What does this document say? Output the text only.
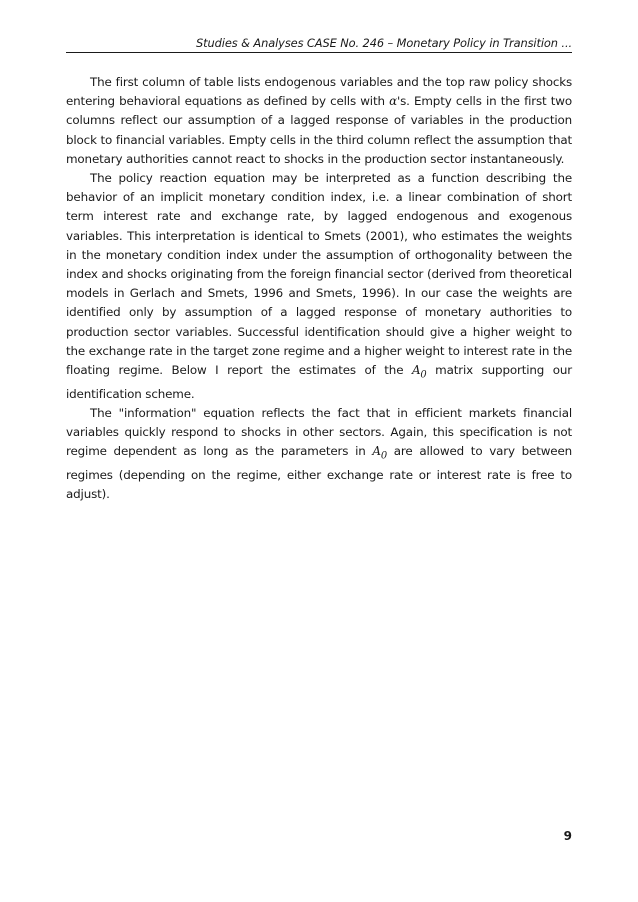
Studies & Analyses CASE No. 246 – Monetary Policy in Transition ...

The first column of table lists endogenous variables and the top raw policy shocks entering behavioral equations as defined by cells with α's. Empty cells in the first two columns reflect our assumption of a lagged response of variables in the production block to financial variables. Empty cells in the third column reflect the assumption that monetary authorities cannot react to shocks in the production sector instantaneously.

The policy reaction equation may be interpreted as a function describing the behavior of an implicit monetary condition index, i.e. a linear combination of short term interest rate and exchange rate, by lagged endogenous and exogenous variables. This interpretation is identical to Smets (2001), who estimates the weights in the monetary condition index under the assumption of orthogonality between the index and shocks originating from the foreign financial sector (derived from theoretical models in Gerlach and Smets, 1996 and Smets, 1996). In our case the weights are identified only by assumption of a lagged response of monetary authorities to production sector variables. Successful identification should give a higher weight to the exchange rate in the target zone regime and a higher weight to interest rate in the floating regime. Below I report the estimates of the $A_0$ matrix supporting our identification scheme.

The "information" equation reflects the fact that in efficient markets financial variables quickly respond to shocks in other sectors. Again, this specification is not regime dependent as long as the parameters in $A_0$ are allowed to vary between regimes (depending on the regime, either exchange rate or interest rate is free to adjust).

9
